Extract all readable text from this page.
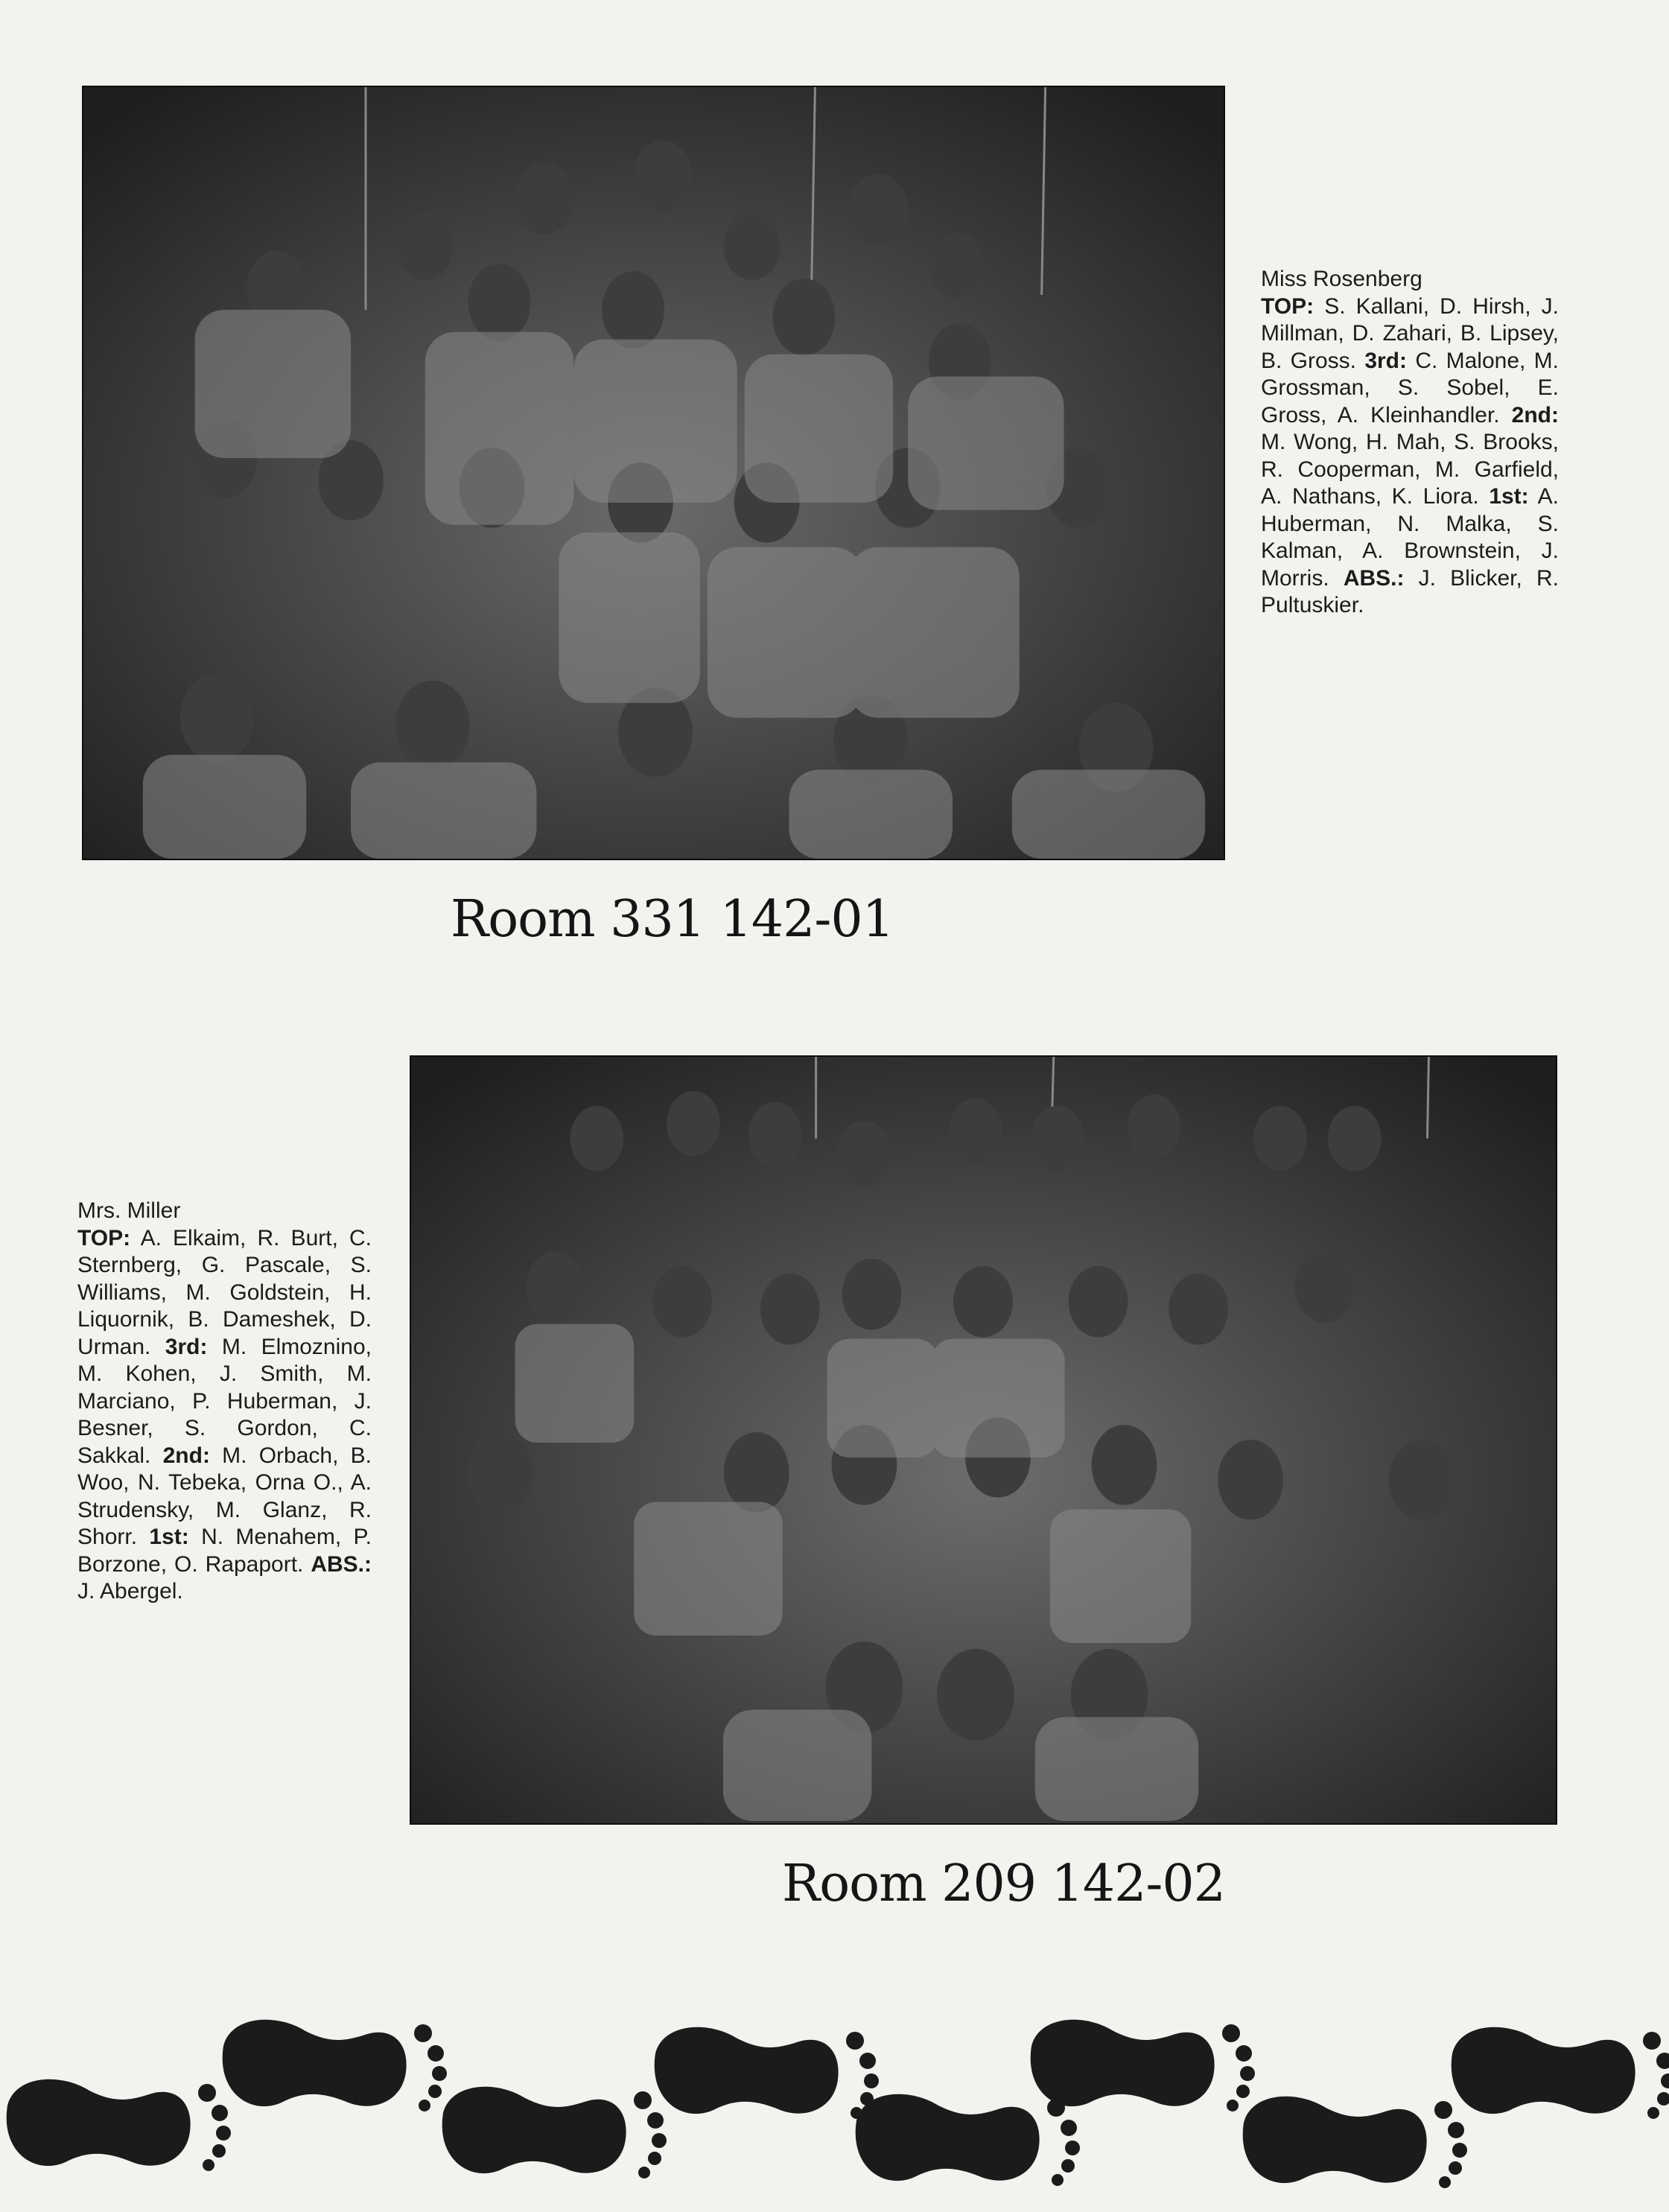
Miss Rosenberg
TOP: S. Kallani, D. Hirsh, J. Millman, D. Zahari, B. Lipsey, B. Gross. 3rd: C. Malone, M. Grossman, S. Sobel, E. Gross, A. Kleinhandler. 2nd: M. Wong, H. Mah, S. Brooks, R. Cooperman, M. Garfield, A. Nathans, K. Liora. 1st: A. Huberman, N. Malka, S. Kalman, A. Brownstein, J. Morris. ABS.: J. Blicker, R. Pultuskier.
Room 331 142-01
Mrs. Miller
TOP: A. Elkaim, R. Burt, C. Sternberg, G. Pascale, S. Williams, M. Goldstein, H. Liquornik, B. Dameshek, D. Urman. 3rd: M. Elmoznino, M. Kohen, J. Smith, M. Marciano, P. Huberman, J. Besner, S. Gordon, C. Sakkal. 2nd: M. Orbach, B. Woo, N. Tebeka, Orna O., A. Strudensky, M. Glanz, R. Shorr. 1st: N. Menahem, P. Borzone, O. Rapaport. ABS.: J. Abergel.
Room 209 142-02
